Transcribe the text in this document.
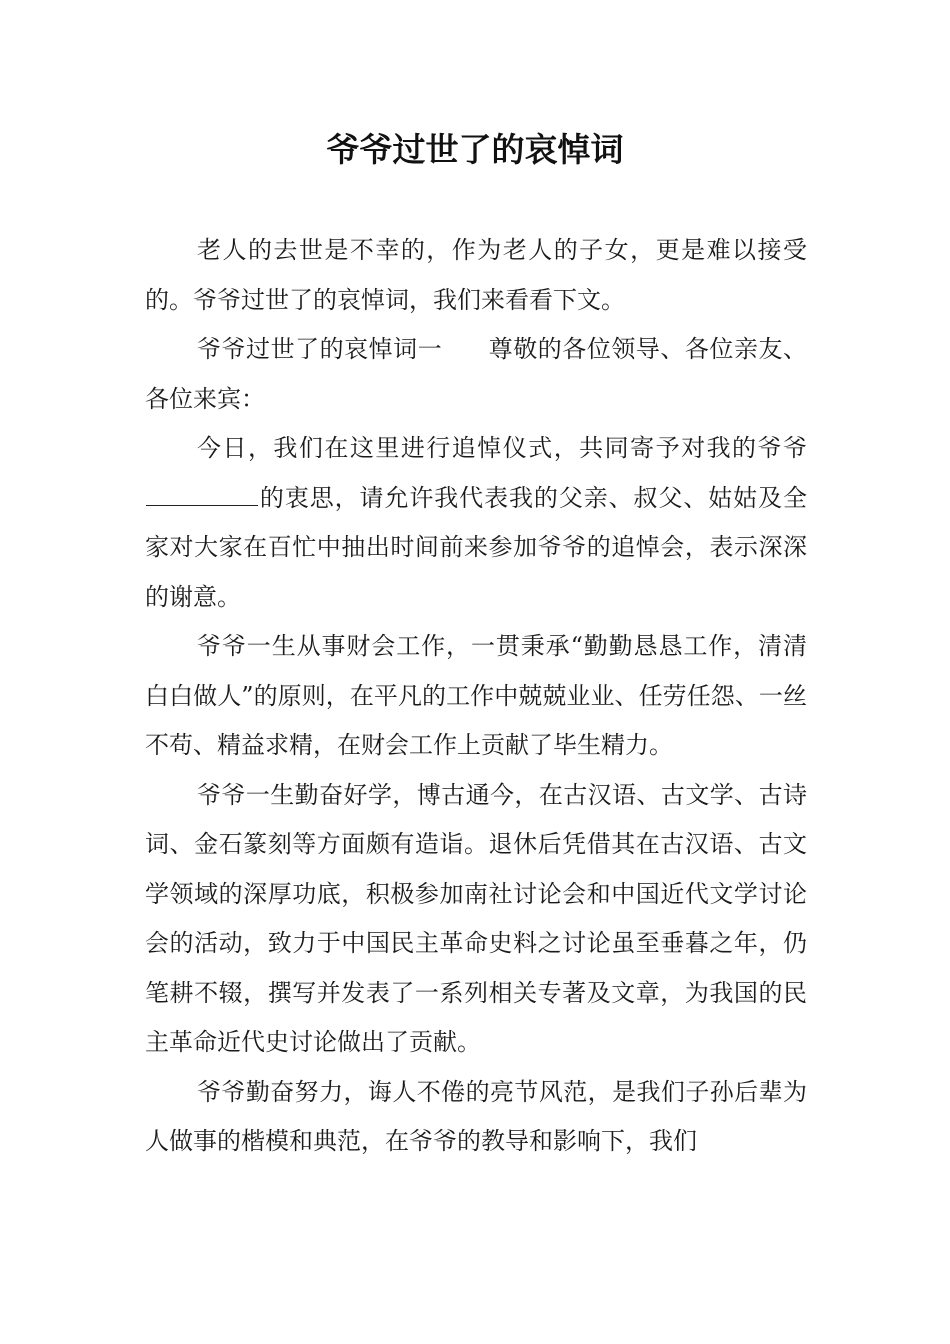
爷爷过世了的哀悼词

老人的去世是不幸的，作为老人的子女，更是难以接受的。爷爷过世了的哀悼词，我们来看看下文。

爷爷过世了的哀悼词一 尊敬的各位领导、各位亲友、各位来宾：

今日，我们在这里进行追悼仪式，共同寄予对我的爷爷的衷思，请允许我代表我的父亲、叔父、姑姑及全家对大家在百忙中抽出时间前来参加爷爷的追悼会，表示深深的谢意。

爷爷一生从事财会工作，一贯秉承“勤勤恳恳工作，清清白白做人”的原则，在平凡的工作中兢兢业业、任劳任怨、一丝不苟、精益求精，在财会工作上贡献了毕生精力。

爷爷一生勤奋好学，博古通今，在古汉语、古文学、古诗词、金石篆刻等方面颇有造诣。退休后凭借其在古汉语、古文学领域的深厚功底，积极参加南社讨论会和中国近代文学讨论会的活动，致力于中国民主革命史料之讨论虽至垂暮之年，仍笔耕不辍，撰写并发表了一系列相关专著及文章，为我国的民主革命近代史讨论做出了贡献。

爷爷勤奋努力，诲人不倦的亮节风范，是我们子孙后辈为人做事的楷模和典范，在爷爷的教导和影响下，我们
